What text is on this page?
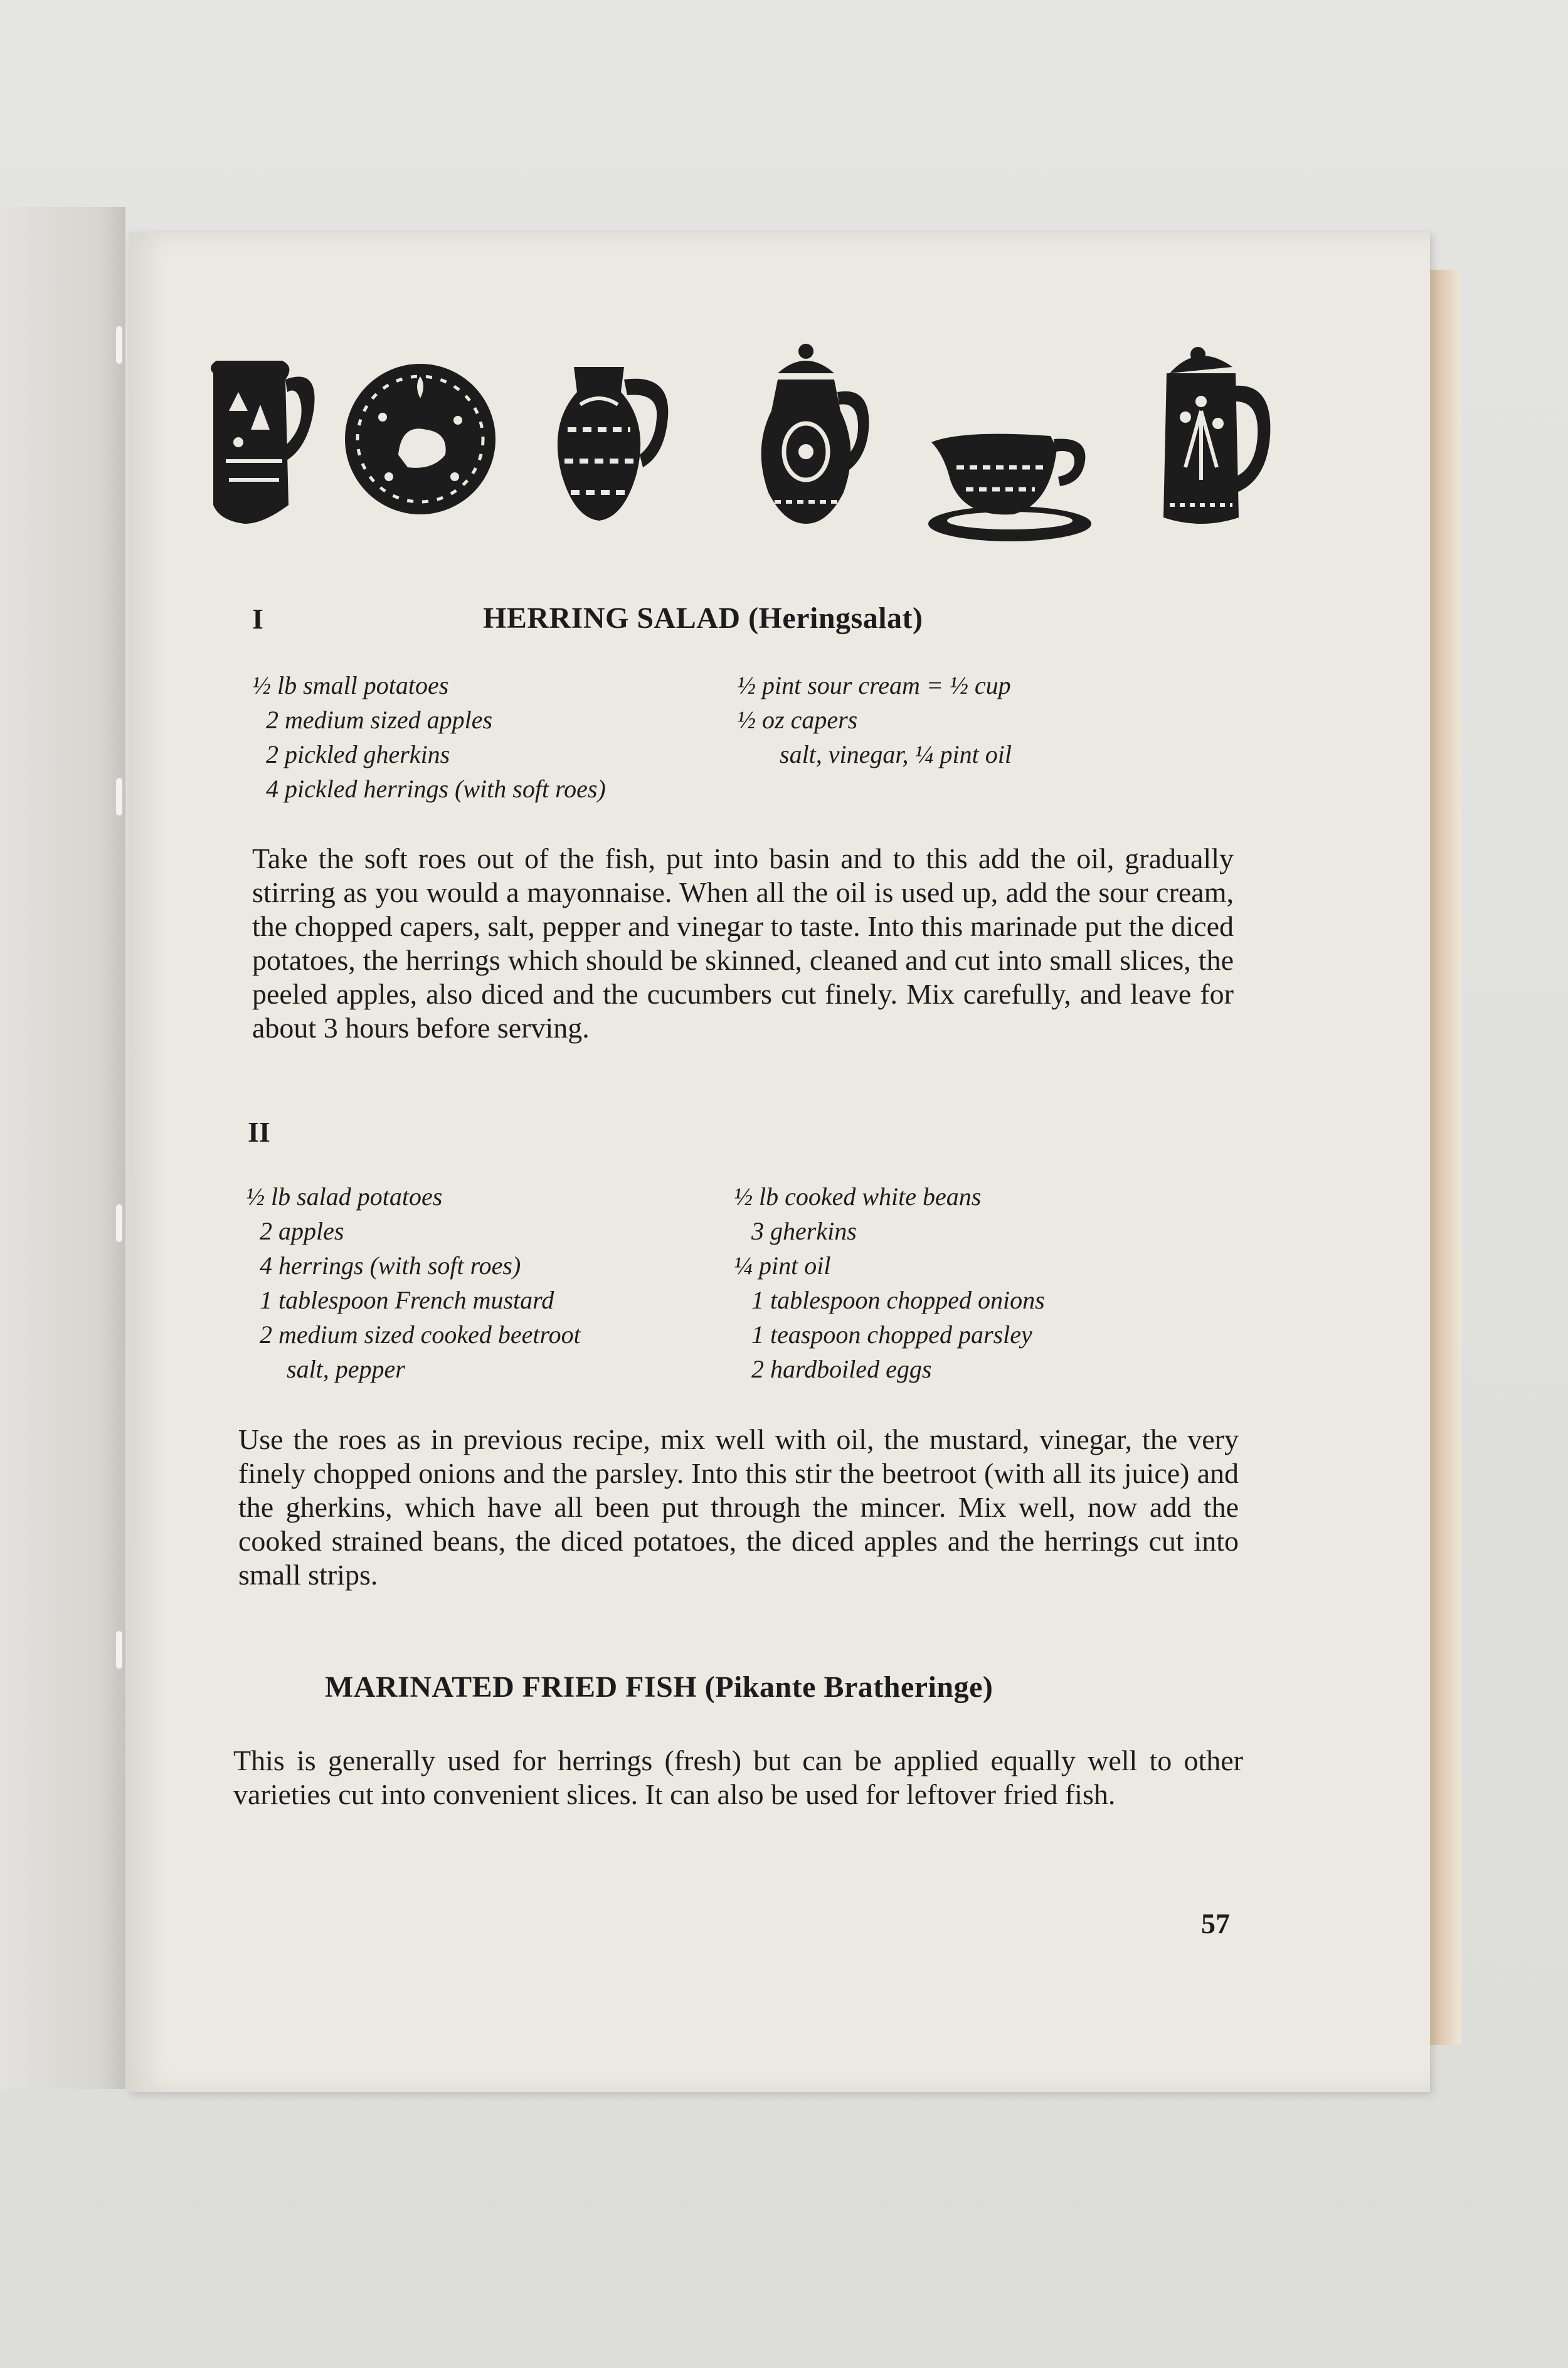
I	HERRING SALAD (Heringsalat)
½ lb small potatoes
2 medium sized apples
2 pickled gherkins
4 pickled herrings (with soft roes)
½ pint sour cream = ½ cup
½ oz capers
salt, vinegar, ¼ pint oil
Take the soft roes out of the fish, put into basin and to this add the oil, gradually stirring as you would a mayonnaise. When all the oil is used up, add the sour cream, the chopped capers, salt, pepper and vinegar to taste. Into this marinade put the diced potatoes, the herrings which should be skinned, cleaned and cut into small slices, the peeled apples, also diced and the cucumbers cut finely. Mix carefully, and leave for about 3 hours before serving.
II
½ lb salad potatoes
2 apples
4 herrings (with soft roes)
1 tablespoon French mustard
2 medium sized cooked beetroot
salt, pepper
½ lb cooked white beans
3 gherkins
¼ pint oil
1 tablespoon chopped onions
1 teaspoon chopped parsley
2 hardboiled eggs
Use the roes as in previous recipe, mix well with oil, the mustard, vinegar, the very finely chopped onions and the parsley. Into this stir the beetroot (with all its juice) and the gherkins, which have all been put through the mincer. Mix well, now add the cooked strained beans, the diced potatoes, the diced apples and the herrings cut into small strips.
MARINATED FRIED FISH (Pikante Bratheringe)
This is generally used for herrings (fresh) but can be applied equally well to other varieties cut into convenient slices. It can also be used for leftover fried fish.
57
